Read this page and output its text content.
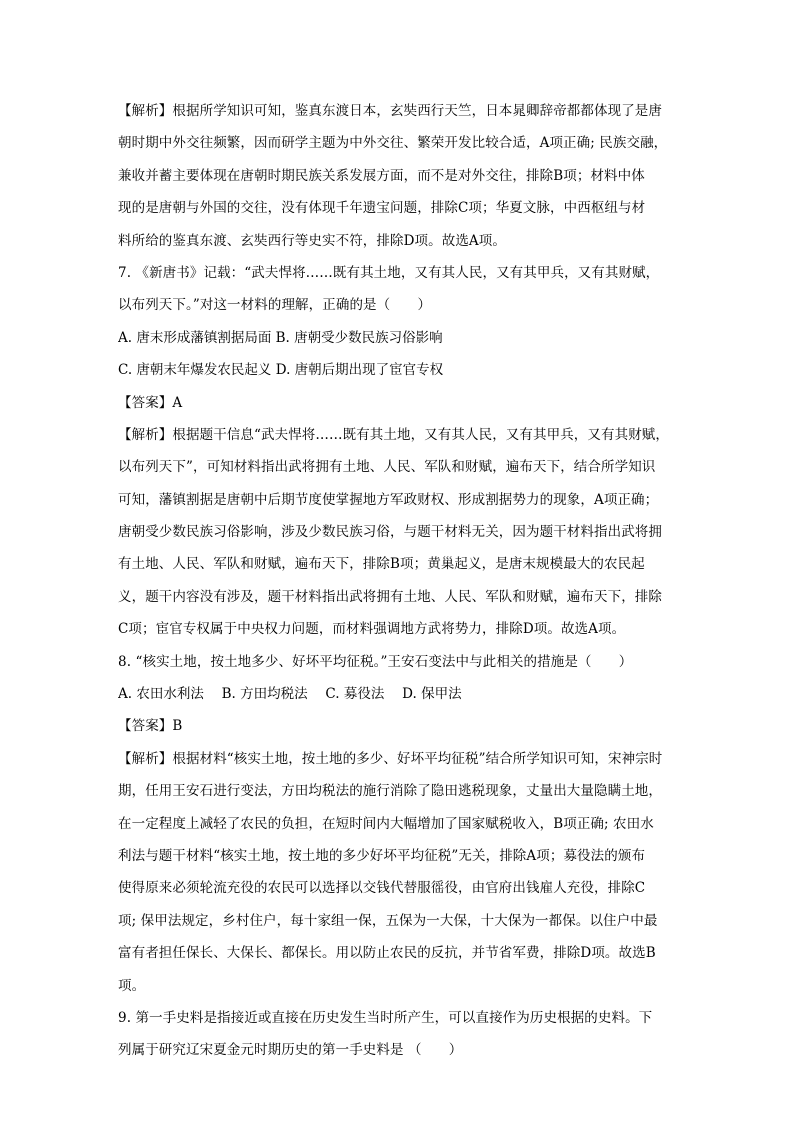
【解析】根据所学知识可知，鉴真东渡日本，玄奘西行天竺，日本晁卿辞帝都都体现了是唐
朝时期中外交往频繁，因而研学主题为中外交往、繁荣开发比较合适，A项正确; 民族交融，
兼收并蓄主要体现在唐朝时期民族关系发展方面，而不是对外交往，排除B项；材料中体
现的是唐朝与外国的交往，没有体现千年遗宝问题，排除C项；华夏文脉，中西枢纽与材
料所给的鉴真东渡、玄奘西行等史实不符，排除D项。故选A项。
7. 《新唐书》记载：“武夫悍将……既有其土地，又有其人民，又有其甲兵，又有其财赋，
以布列天下。”对这一材料的理解，正确的是（　　）
A. 唐末形成藩镇割据局面 B. 唐朝受少数民族习俗影响
C. 唐朝末年爆发农民起义 D. 唐朝后期出现了宦官专权
【答案】A
【解析】根据题干信息“武夫悍将……既有其土地，又有其人民，又有其甲兵，又有其财赋，
以布列天下”，可知材料指出武将拥有土地、人民、军队和财赋，遍布天下，结合所学知识
可知，藩镇割据是唐朝中后期节度使掌握地方军政财权、形成割据势力的现象，A项正确；
唐朝受少数民族习俗影响，涉及少数民族习俗，与题干材料无关，因为题干材料指出武将拥
有土地、人民、军队和财赋，遍布天下，排除B项；黄巢起义，是唐末规模最大的农民起
义，题干内容没有涉及，题干材料指出武将拥有土地、人民、军队和财赋，遍布天下，排除
C项；宦官专权属于中央权力问题，而材料强调地方武将势力，排除D项。故选A项。
8. “核实土地，按土地多少、好坏平均征税。”王安石变法中与此相关的措施是（　　）
A. 农田水利法　 B. 方田均税法　 C. 募役法　 D. 保甲法
【答案】B
【解析】根据材料“核实土地，按土地的多少、好坏平均征税”结合所学知识可知，宋神宗时
期，任用王安石进行变法，方田均税法的施行消除了隐田逃税现象，丈量出大量隐瞒土地，
在一定程度上减轻了农民的负担，在短时间内大幅增加了国家赋税收入，B项正确; 农田水
利法与题干材料“核实土地，按土地的多少好坏平均征税”无关，排除A项；募役法的颁布
使得原来必须轮流充役的农民可以选择以交钱代替服徭役，由官府出钱雇人充役，排除C
项; 保甲法规定，乡村住户，每十家组一保，五保为一大保，十大保为一都保。以住户中最
富有者担任保长、大保长、都保长。用以防止农民的反抗，并节省军费，排除D项。故选B
项。
9. 第一手史料是指接近或直接在历史发生当时所产生，可以直接作为历史根据的史料。下
列属于研究辽宋夏金元时期历史的第一手史料是 （　　）
